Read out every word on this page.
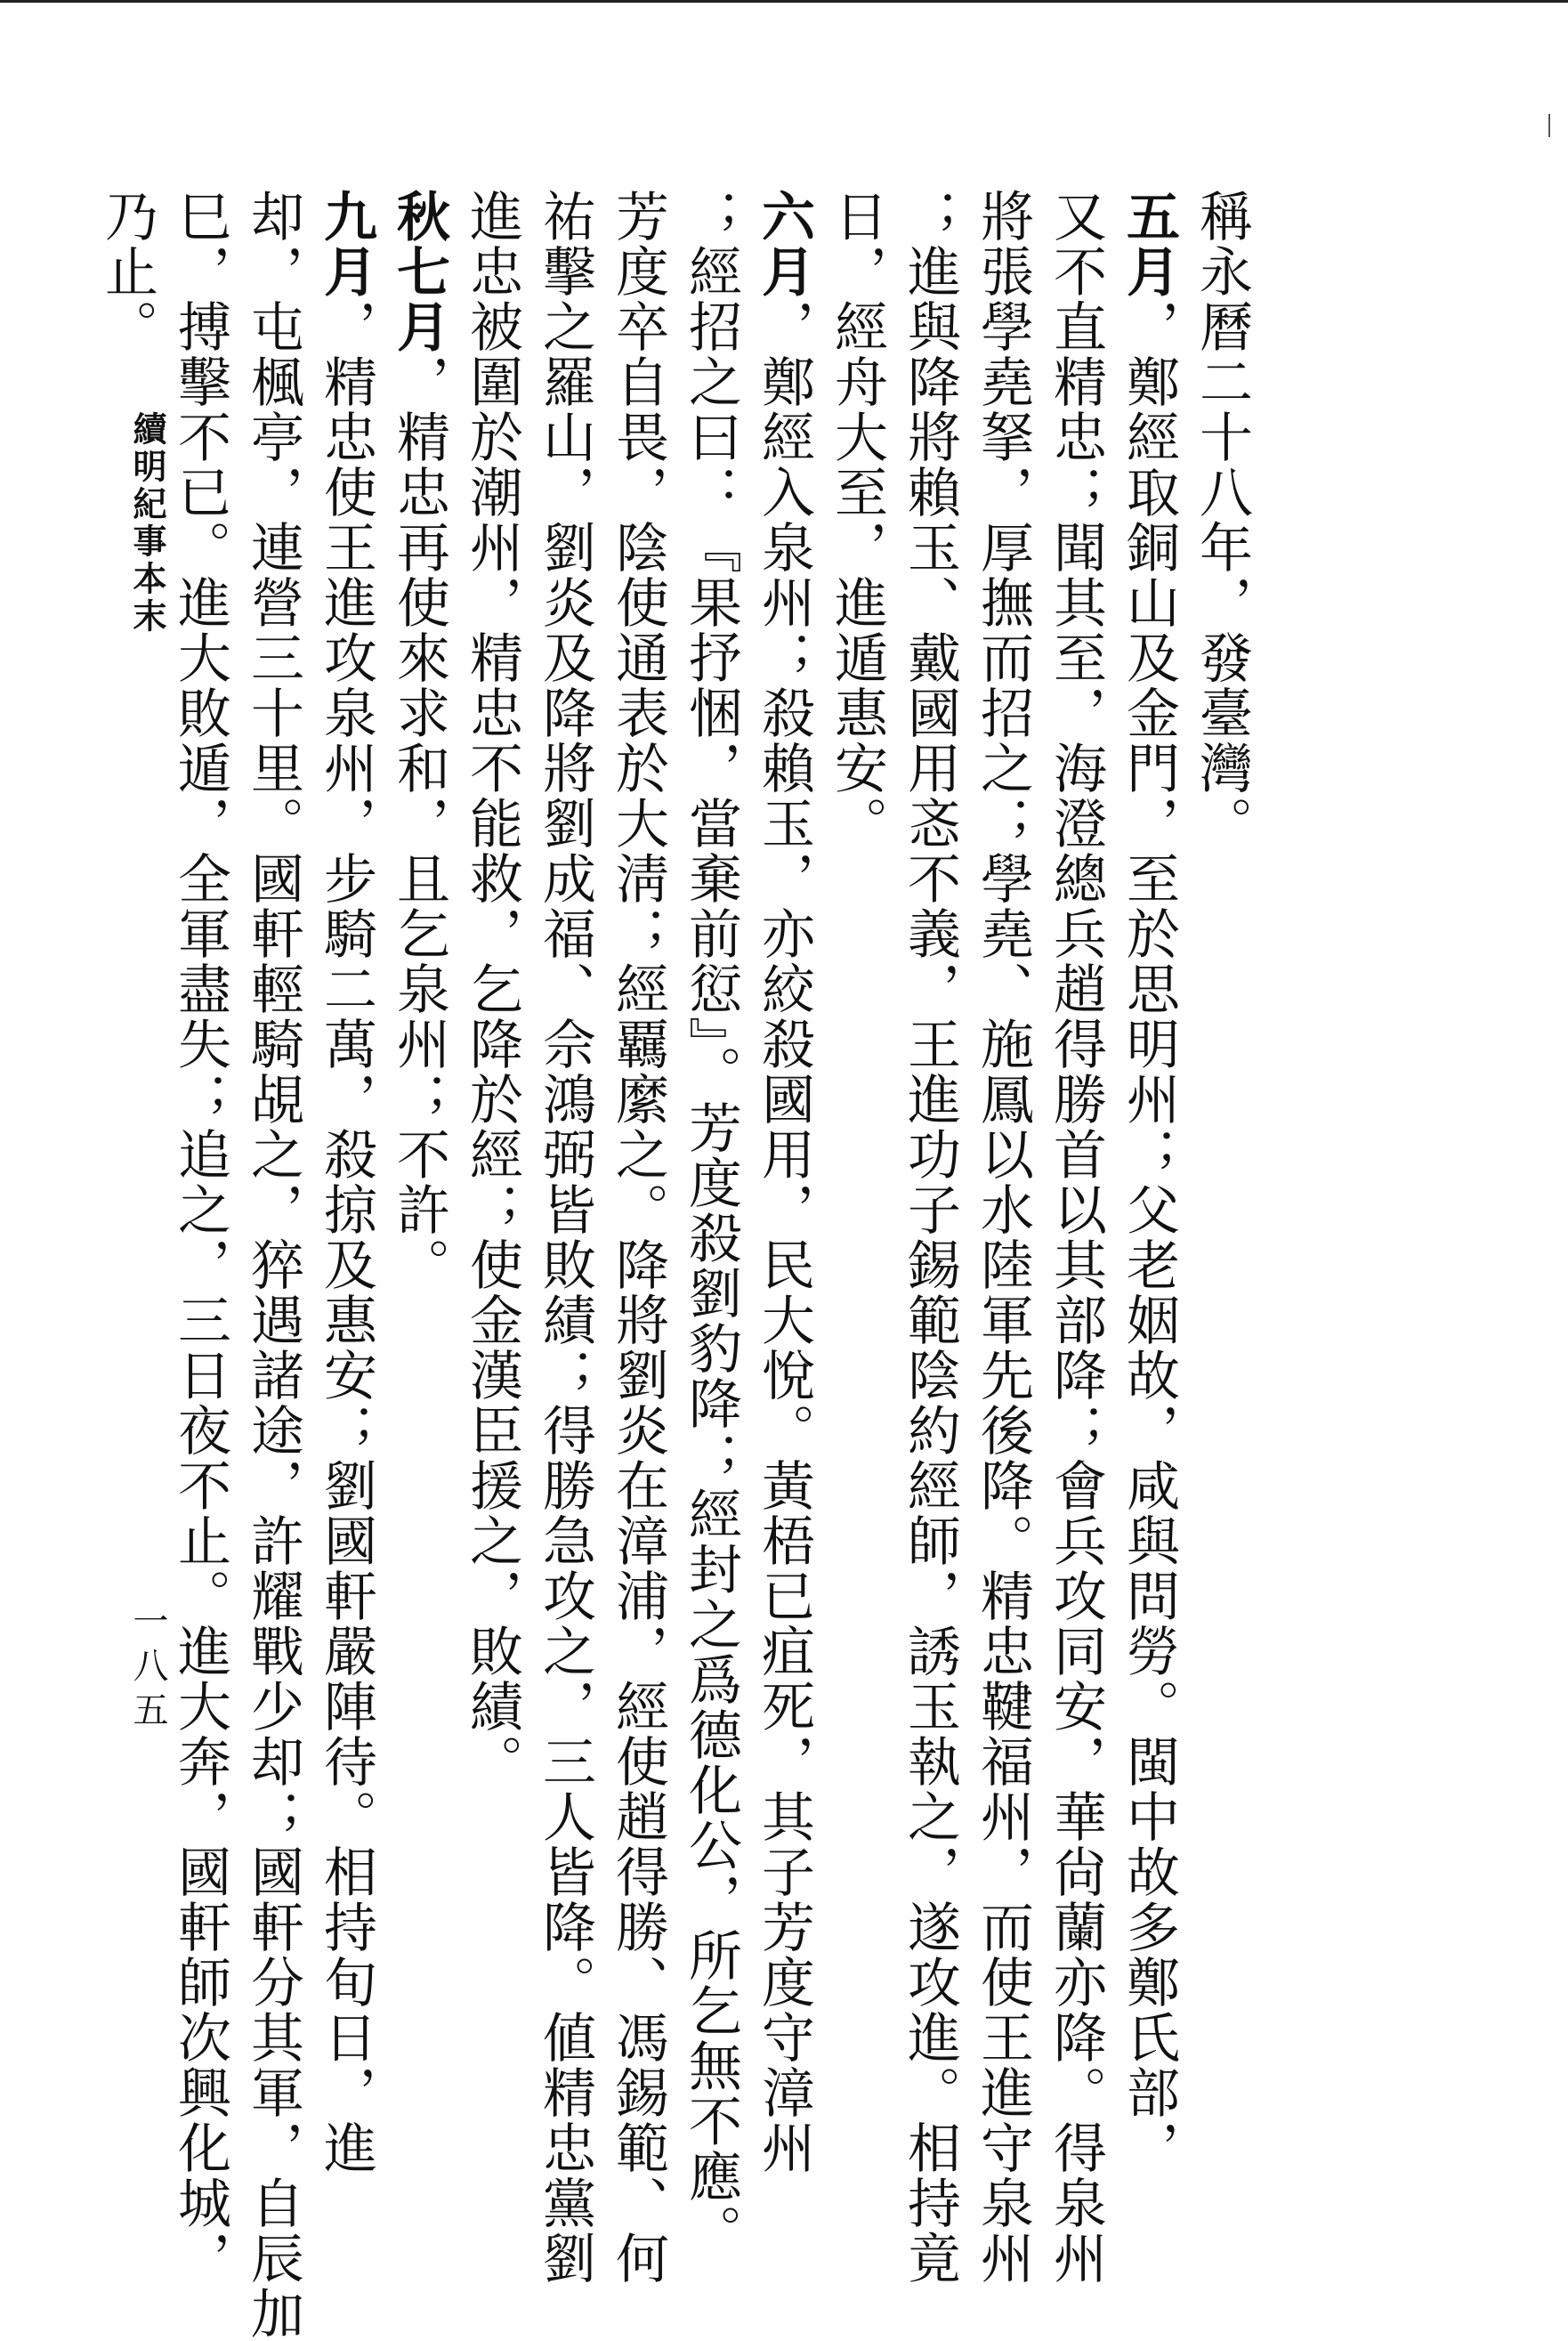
稱永曆二十八年，發臺灣。
五月，鄭經取銅山及金門，至於思明州；父老姻故，咸與問勞。閩中故多鄭氏部，
又不直精忠；聞其至，海澄總兵趙得勝首以其部降；會兵攻同安，華尙蘭亦降。得泉州
將張學堯拏，厚撫而招之；學堯、施鳳以水陸軍先後降。精忠鞬福州，而使王進守泉州
；進與降將賴玉、戴國用忞不義，王進功子錫範陰約經師，誘玉執之，遂攻進。相持竟
日，經舟大至，進遁惠安。
六月，鄭經入泉州；殺賴玉，亦絞殺國用，民大悅。黃梧已疽死，其子芳度守漳州
；經招之曰：『果抒悃，當棄前愆』。芳度殺劉豹降；經封之爲德化公，所乞無不應。
芳度卒自畏，陰使通表於大淸；經覊縻之。降將劉炎在漳浦，經使趙得勝、馮錫範、何
祐擊之羅山，劉炎及降將劉成福、佘鴻弼皆敗績；得勝急攻之，三人皆降。値精忠黨劉
進忠被圍於潮州，精忠不能救，乞降於經；使金漢臣援之，敗績。
秋七月，精忠再使來求和，且乞泉州；不許。
九月，精忠使王進攻泉州，步騎二萬，殺掠及惠安；劉國軒嚴陣待。相持旬日，進
却，屯楓亭，連營三十里。國軒輕騎覘之，猝遇諸途，許耀戰少却；國軒分其軍，自辰加
巳，搏擊不已。進大敗遁，全軍盡失；追之，三日夜不止。進大奔，國軒師次興化城，
乃止。
續明紀事本末
一八五
